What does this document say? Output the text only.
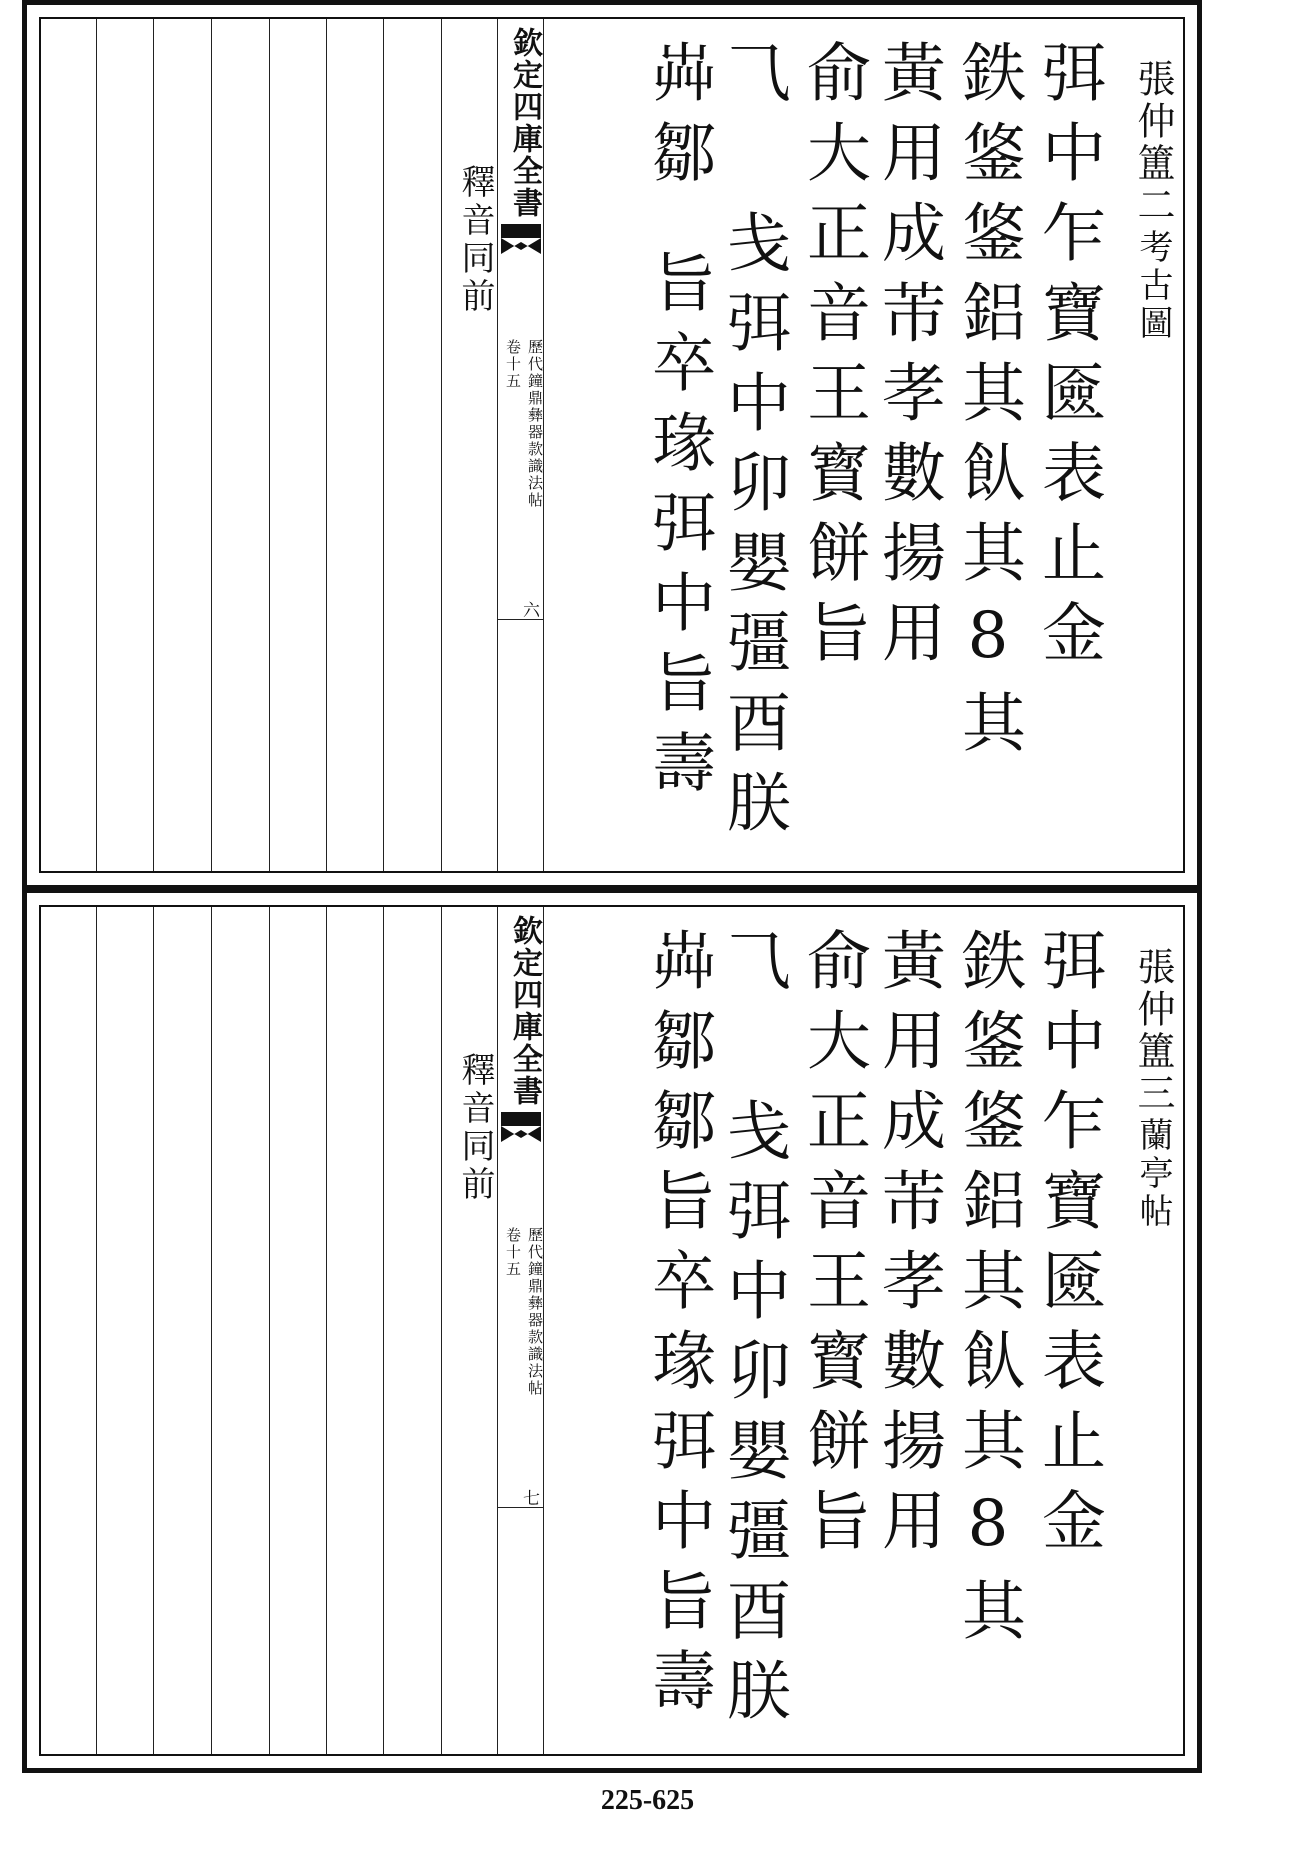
釋音同前
欽定四庫全書
歷代鐘鼎彝器款識法帖
卷十五
六
張仲簠二
考古圖
弭中乍寶匳表止金
鉄鋚鋚鋁其飤其8其
黃用成芾孝數揚用
俞大正音王寳餅旨
⺄ 戋弭中卯嬰彊酉朕
芔鄒
旨卒瑑弭中旨壽
釋音同前
欽定四庫全書
歷代鐘鼎彝器款識法帖
卷十五
七
張仲簠三
蘭亭帖
弭中乍寶匳表止金
鉄鋚鋚鋁其飤其8其
黃用成芾孝數揚用
俞大正音王寳餅旨
⺄ 戋弭中卯嬰彊酉朕
芔鄒鄒旨卒瑑弭中旨壽
225-625
